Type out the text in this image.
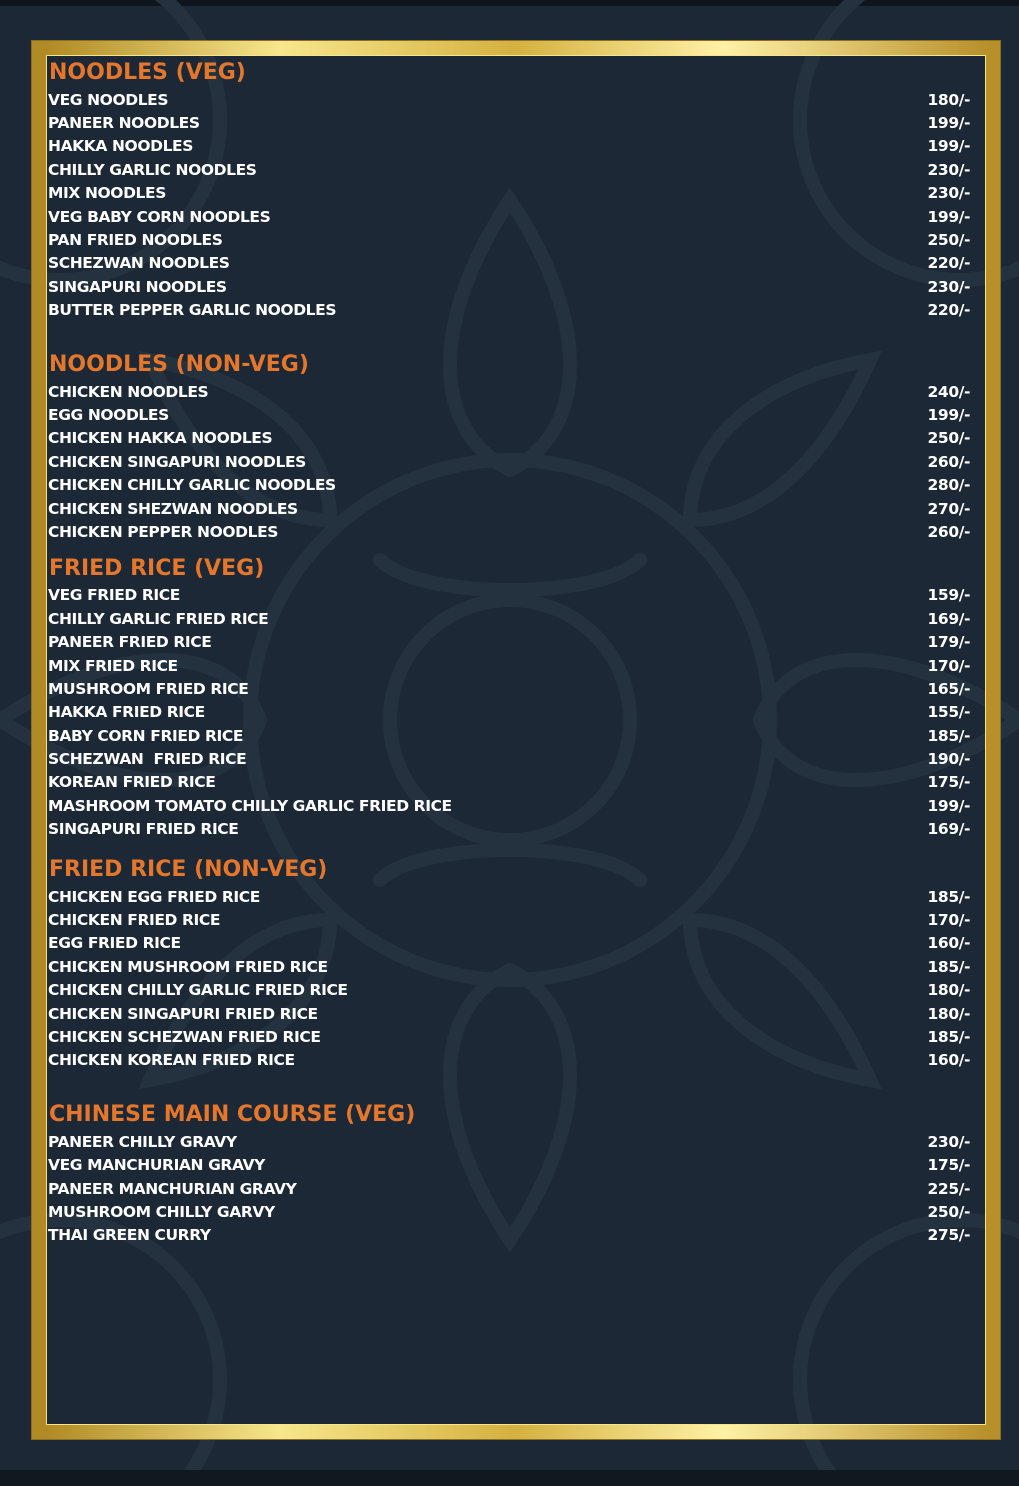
NOODLES (VEG)
VEG NOODLES	180/-
PANEER NOODLES	199/-
HAKKA NOODLES	199/-
CHILLY GARLIC NOODLES	230/-
MIX NOODLES	230/-
VEG BABY CORN NOODLES	199/-
PAN FRIED NOODLES	250/-
SCHEZWAN NOODLES	220/-
SINGAPURI NOODLES	230/-
BUTTER PEPPER GARLIC NOODLES	220/-
NOODLES (NON-VEG)
CHICKEN NOODLES	240/-
EGG NOODLES	199/-
CHICKEN HAKKA NOODLES	250/-
CHICKEN SINGAPURI NOODLES	260/-
CHICKEN CHILLY GARLIC NOODLES	280/-
CHICKEN SHEZWAN NOODLES	270/-
CHICKEN PEPPER NOODLES	260/-
FRIED RICE (VEG)
VEG FRIED RICE	159/-
CHILLY GARLIC FRIED RICE	169/-
PANEER FRIED RICE	179/-
MIX FRIED RICE	170/-
MUSHROOM FRIED RICE	165/-
HAKKA FRIED RICE	155/-
BABY CORN FRIED RICE	185/-
SCHEZWAN  FRIED RICE	190/-
KOREAN FRIED RICE	175/-
MASHROOM TOMATO CHILLY GARLIC FRIED RICE	199/-
SINGAPURI FRIED RICE	169/-
FRIED RICE (NON-VEG)
CHICKEN EGG FRIED RICE	185/-
CHICKEN FRIED RICE	170/-
EGG FRIED RICE	160/-
CHICKEN MUSHROOM FRIED RICE	185/-
CHICKEN CHILLY GARLIC FRIED RICE	180/-
CHICKEN SINGAPURI FRIED RICE	180/-
CHICKEN SCHEZWAN FRIED RICE	185/-
CHICKEN KOREAN FRIED RICE	160/-
CHINESE MAIN COURSE (VEG)
PANEER CHILLY GRAVY	230/-
VEG MANCHURIAN GRAVY	175/-
PANEER MANCHURIAN GRAVY	225/-
MUSHROOM CHILLY GARVY	250/-
THAI GREEN CURRY	275/-
